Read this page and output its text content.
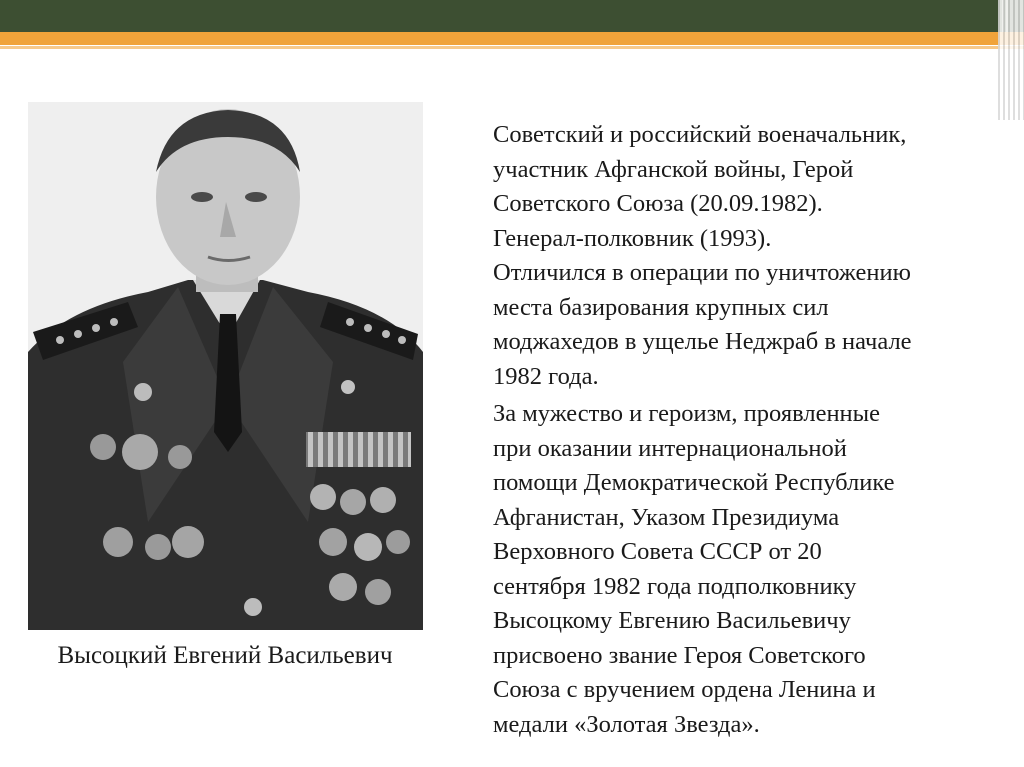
Высоцкий Евгений Васильевич

Советский и российский военачальник,
участник Афганской войны, Герой
Советского Союза (20.09.1982).
Генерал-полковник (1993).
Отличился в операции по уничтожению
места базирования крупных сил
моджахедов в ущелье Неджраб в начале
1982 года.

За мужество и героизм, проявленные
при оказании интернациональной
помощи Демократической Республике
Афганистан, Указом Президиума
Верховного Совета СССР от 20
сентября 1982 года подполковнику
Высоцкому Евгению Васильевичу
присвоено звание Героя Советского
Союза с вручением ордена Ленина и
медали «Золотая Звезда».
